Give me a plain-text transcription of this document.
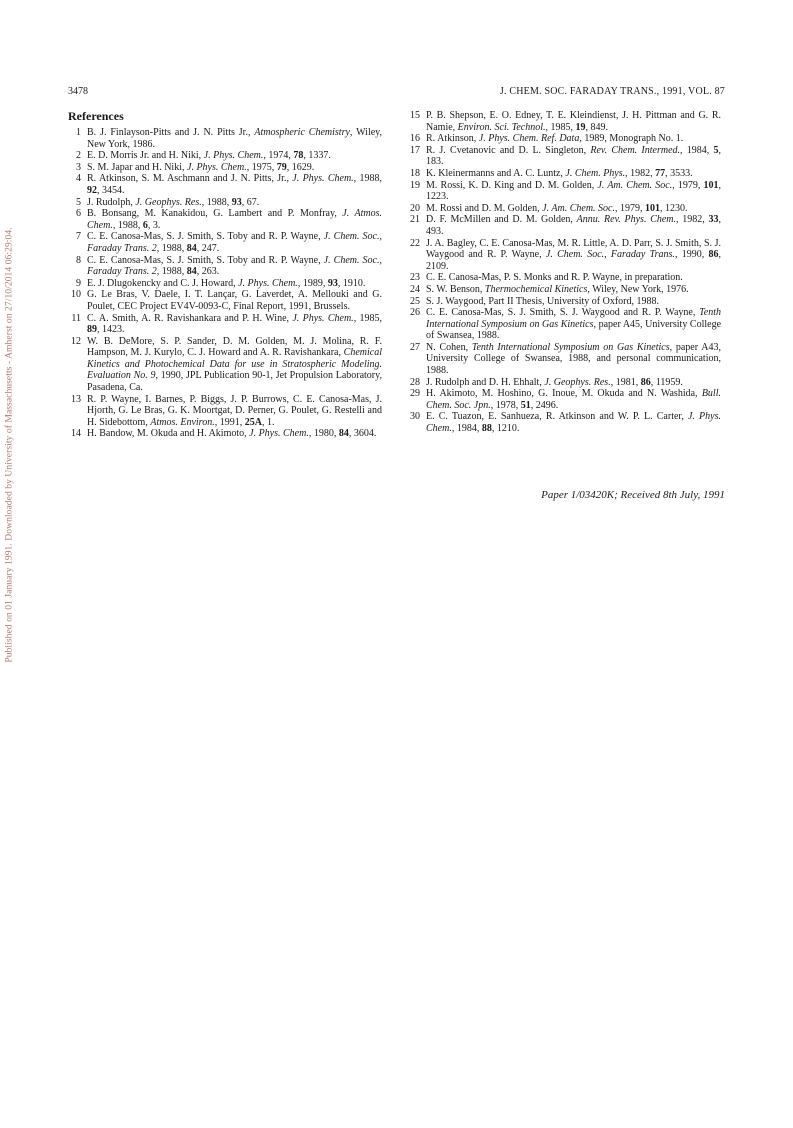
Published on 01 January 1991. Downloaded by University of Massachusetts - Amherst on 27/10/2014 06:29:04.
3478	J. CHEM. SOC. FARADAY TRANS., 1991, VOL. 87
References
1 B. J. Finlayson-Pitts and J. N. Pitts Jr., Atmospheric Chemistry, Wiley, New York, 1986.
2 E. D. Morris Jr. and H. Niki, J. Phys. Chem., 1974, 78, 1337.
3 S. M. Japar and H. Niki, J. Phys. Chem., 1975, 79, 1629.
4 R. Atkinson, S. M. Aschmann and J. N. Pitts, Jr., J. Phys. Chem., 1988, 92, 3454.
5 J. Rudolph, J. Geophys. Res., 1988, 93, 67.
6 B. Bonsang, M. Kanakidou, G. Lambert and P. Monfray, J. Atmos. Chem., 1988, 6, 3.
7 C. E. Canosa-Mas, S. J. Smith, S. Toby and R. P. Wayne, J. Chem. Soc., Faraday Trans. 2, 1988, 84, 247.
8 C. E. Canosa-Mas, S. J. Smith, S. Toby and R. P. Wayne, J. Chem. Soc., Faraday Trans. 2, 1988, 84, 263.
9 E. J. Dlugokencky and C. J. Howard, J. Phys. Chem., 1989, 93, 1910.
10 G. Le Bras, V. Daele, I. T. Lançar, G. Laverdet, A. Mellouki and G. Poulet, CEC Project EV4V-0093-C, Final Report, 1991, Brussels.
11 C. A. Smith, A. R. Ravishankara and P. H. Wine, J. Phys. Chem., 1985, 89, 1423.
12 W. B. DeMore, S. P. Sander, D. M. Golden, M. J. Molina, R. F. Hampson, M. J. Kurylo, C. J. Howard and A. R. Ravishankara, Chemical Kinetics and Photochemical Data for use in Stratospheric Modeling. Evaluation No. 9, 1990, JPL Publication 90-1, Jet Propulsion Laboratory, Pasadena, Ca.
13 R. P. Wayne, I. Barnes, P. Biggs, J. P. Burrows, C. E. Canosa-Mas, J. Hjorth, G. Le Bras, G. K. Moortgat, D. Perner, G. Poulet, G. Restelli and H. Sidebottom, Atmos. Environ., 1991, 25A, 1.
14 H. Bandow, M. Okuda and H. Akimoto, J. Phys. Chem., 1980, 84, 3604.
15 P. B. Shepson, E. O. Edney, T. E. Kleindienst, J. H. Pittman and G. R. Namie, Environ. Sci. Technol., 1985, 19, 849.
16 R. Atkinson, J. Phys. Chem. Ref. Data, 1989, Monograph No. 1.
17 R. J. Cvetanovic and D. L. Singleton, Rev. Chem. Intermed., 1984, 5, 183.
18 K. Kleinermanns and A. C. Luntz, J. Chem. Phys., 1982, 77, 3533.
19 M. Rossi, K. D. King and D. M. Golden, J. Am. Chem. Soc., 1979, 101, 1223.
20 M. Rossi and D. M. Golden, J. Am. Chem. Soc., 1979, 101, 1230.
21 D. F. McMillen and D. M. Golden, Annu. Rev. Phys. Chem., 1982, 33, 493.
22 J. A. Bagley, C. E. Canosa-Mas, M. R. Little, A. D. Parr, S. J. Smith, S. J. Waygood and R. P. Wayne, J. Chem. Soc., Faraday Trans., 1990, 86, 2109.
23 C. E. Canosa-Mas, P. S. Monks and R. P. Wayne, in preparation.
24 S. W. Benson, Thermochemical Kinetics, Wiley, New York, 1976.
25 S. J. Waygood, Part II Thesis, University of Oxford, 1988.
26 C. E. Canosa-Mas, S. J. Smith, S. J. Waygood and R. P. Wayne, Tenth International Symposium on Gas Kinetics, paper A45, University College of Swansea, 1988.
27 N. Cohen, Tenth International Symposium on Gas Kinetics, paper A43, University College of Swansea, 1988, and personal communication, 1988.
28 J. Rudolph and D. H. Ehhalt, J. Geophys. Res., 1981, 86, 11959.
29 H. Akimoto, M. Hoshino, G. Inoue, M. Okuda and N. Washida, Bull. Chem. Soc. Jpn., 1978, 51, 2496.
30 E. C. Tuazon, E. Sanhueza, R. Atkinson and W. P. L. Carter, J. Phys. Chem., 1984, 88, 1210.
Paper 1/03420K; Received 8th July, 1991
